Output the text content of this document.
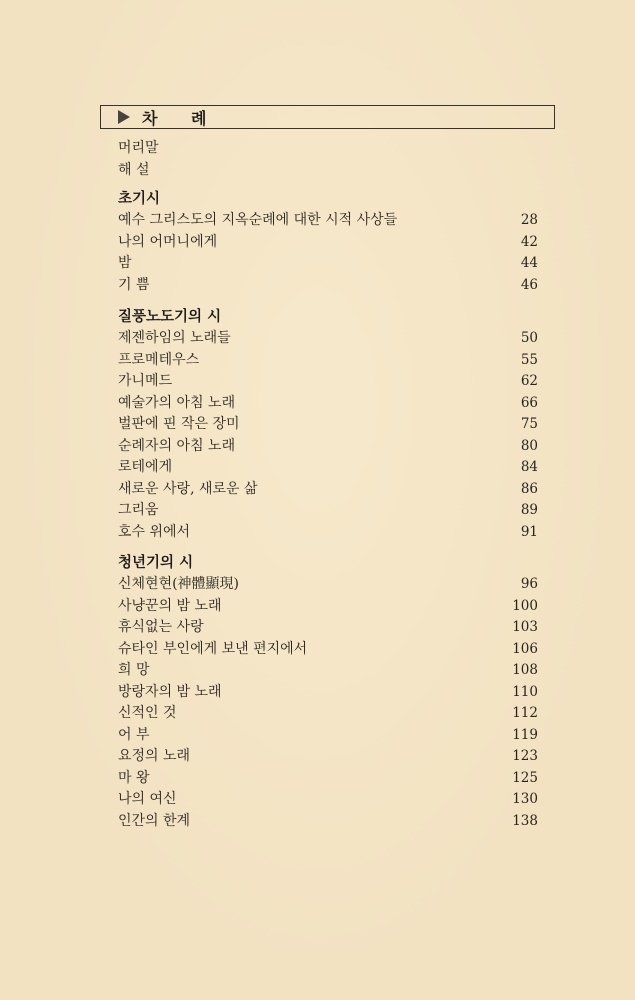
차 례
머리말
해 설
초기시
예수 그리스도의 지옥순례에 대한 시적 사상들	28
나의 어머니에게	42
밤	44
기 쁨	46
질풍노도기의 시
제젠하임의 노래들	50
프로메테우스	55
가니메드	62
예술가의 아침 노래	66
벌판에 핀 작은 장미	75
순례자의 아침 노래	80
로테에게	84
새로운 사랑, 새로운 삶	86
그리움	89
호수 위에서	91
청년기의 시
신체현현(神體顯現)	96
사냥꾼의 밤 노래	100
휴식없는 사랑	103
슈타인 부인에게 보낸 편지에서	106
희 망	108
방랑자의 밤 노래	110
신적인 것	112
어 부	119
요정의 노래	123
마 왕	125
나의 여신	130
인간의 한계	138
